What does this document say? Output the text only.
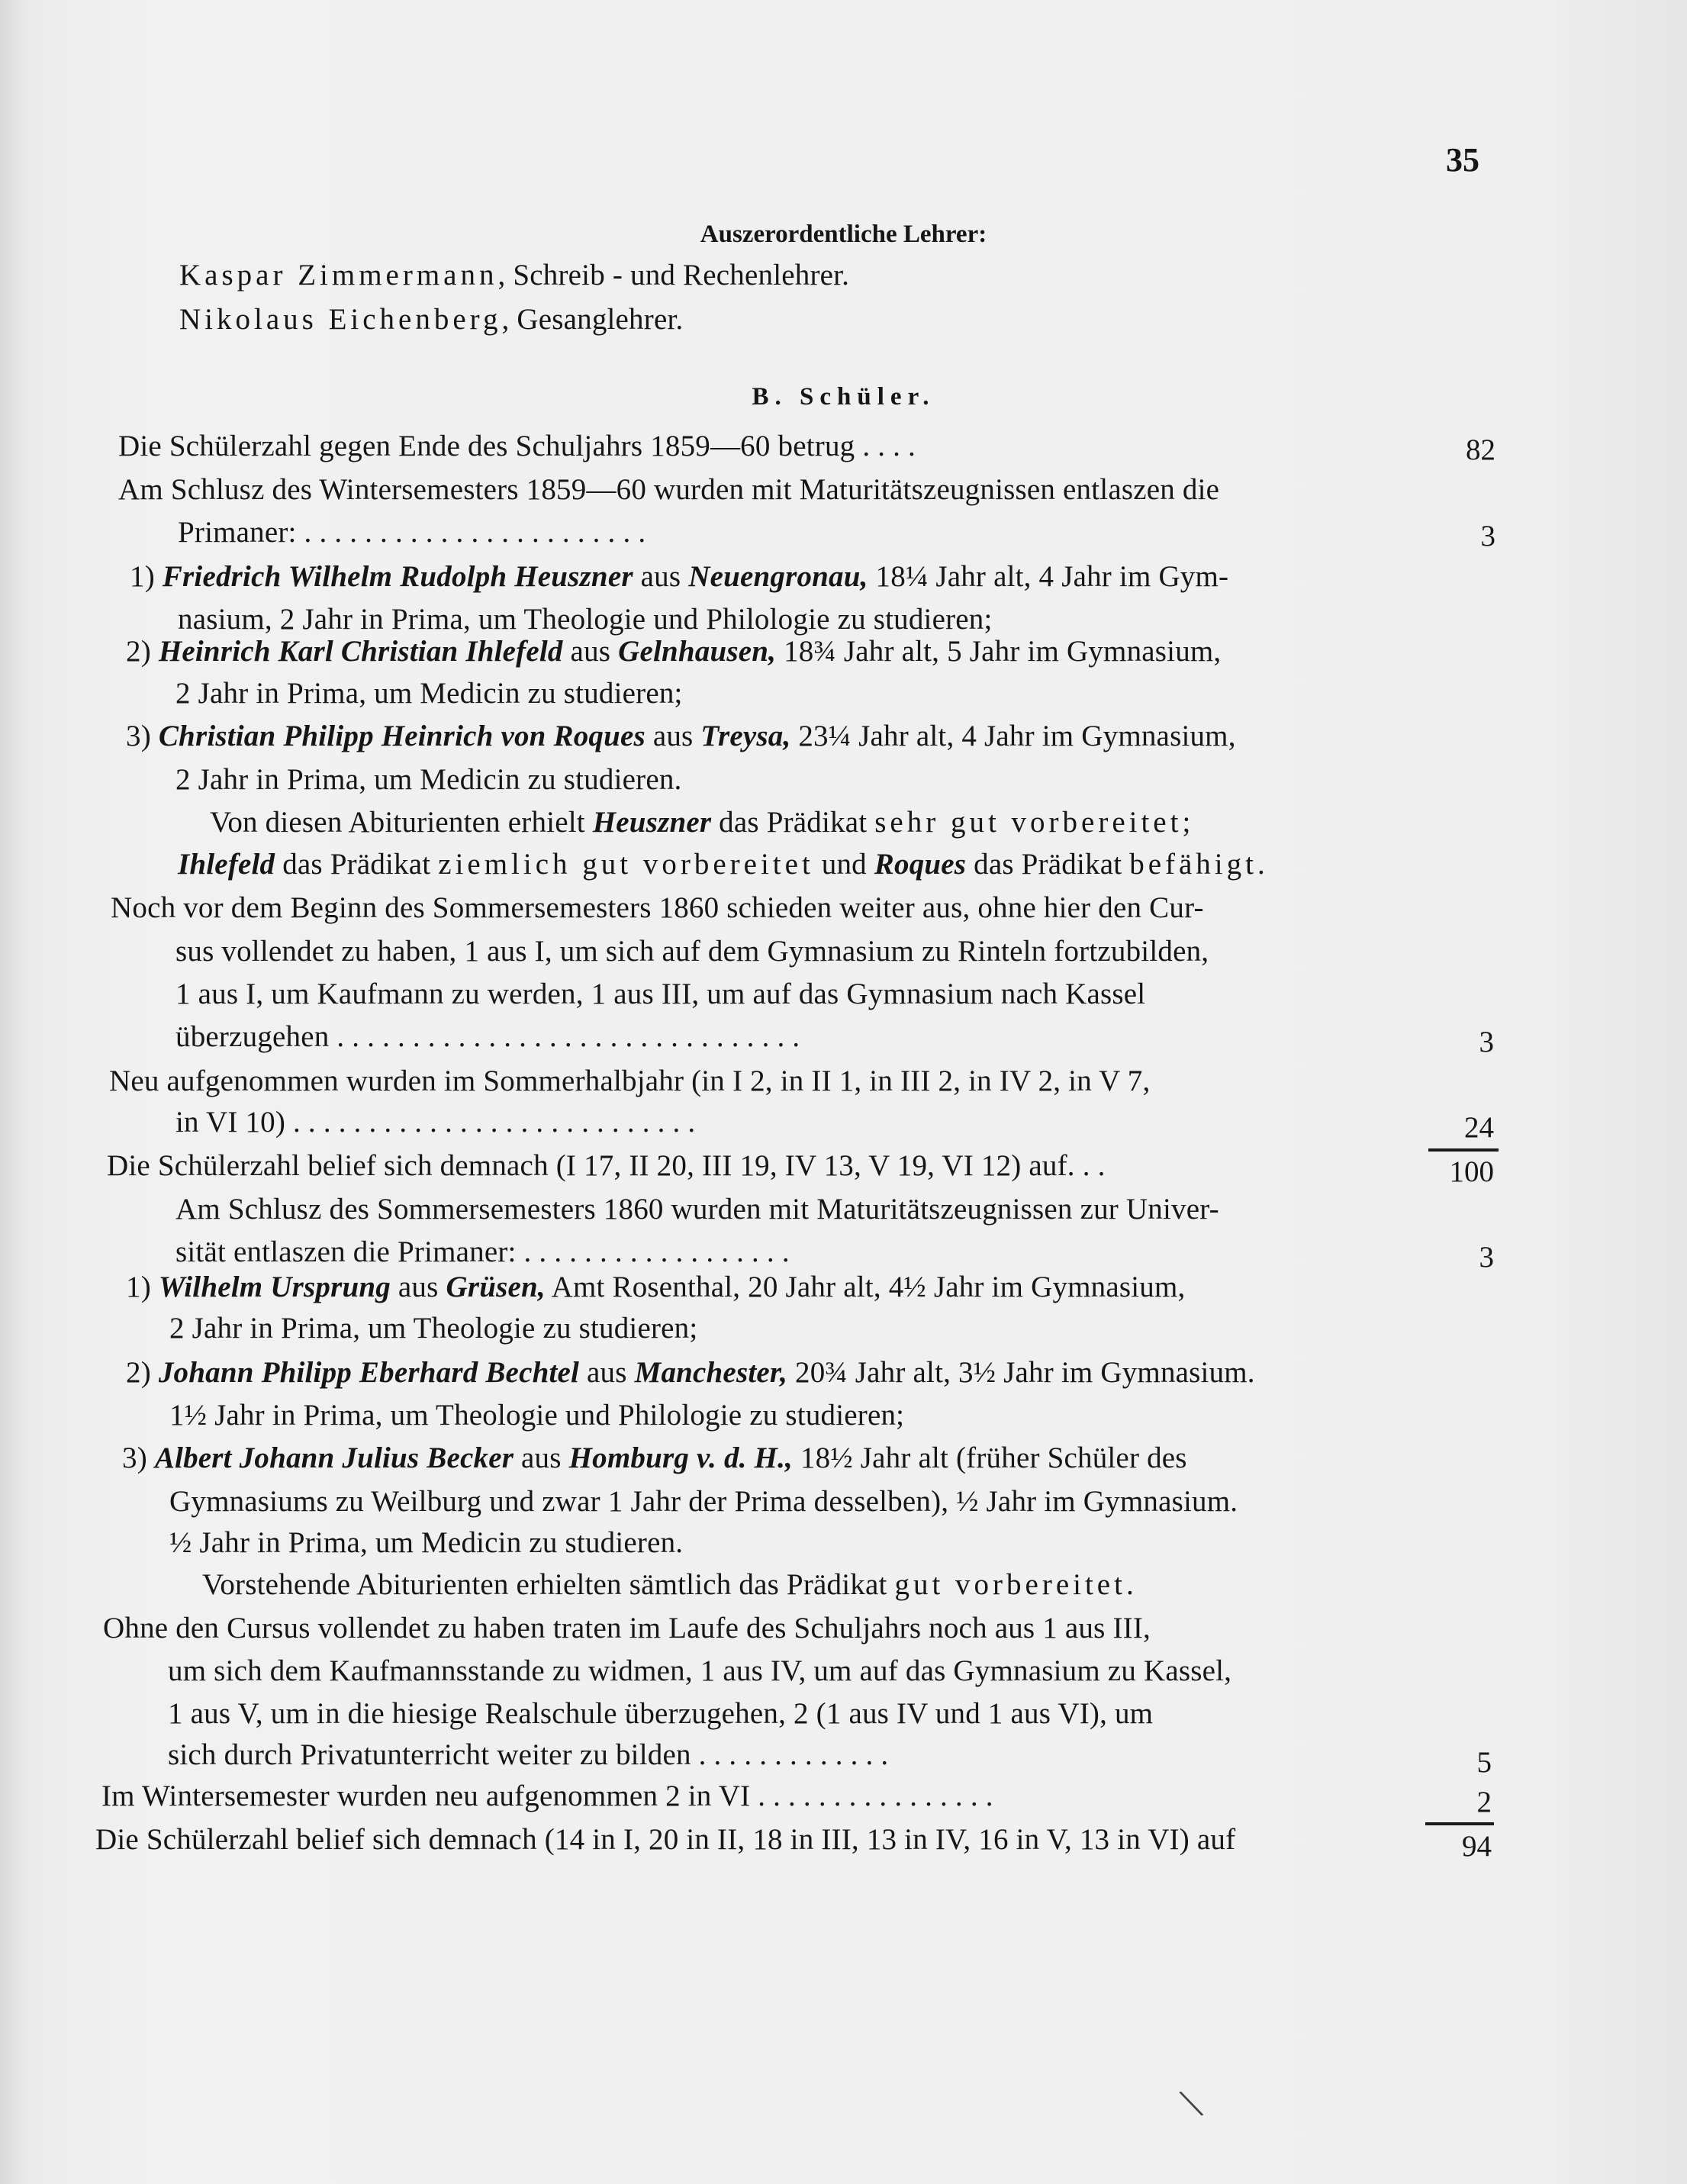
35
Auszerordentliche Lehrer:
Kaspar Zimmermann, Schreib - und Rechenlehrer.
Nikolaus Eichenberg, Gesanglehrer.
B. Schüler.
Die Schülerzahl gegen Ende des Schuljahrs 1859—60 betrug . . . .	82
Am Schlusz des Wintersemesters 1859—60 wurden mit Maturitätszeugnissen entlaszen die
Primaner: . . . . . . . . . . . . . . . . . . . . . . .	3
1) Friedrich Wilhelm Rudolph Heuszner aus Neuengronau, 18¼ Jahr alt, 4 Jahr im Gym-
nasium, 2 Jahr in Prima, um Theologie und Philologie zu studieren;
2) Heinrich Karl Christian Ihlefeld aus Gelnhausen, 18¾ Jahr alt, 5 Jahr im Gymnasium,
2 Jahr in Prima, um Medicin zu studieren;
3) Christian Philipp Heinrich von Roques aus Treysa, 23¼ Jahr alt, 4 Jahr im Gymnasium,
2 Jahr in Prima, um Medicin zu studieren.
Von diesen Abiturienten erhielt Heuszner das Prädikat sehr gut vorbereitet;
Ihlefeld das Prädikat ziemlich gut vorbereitet und Roques das Prädikat befähigt.
Noch vor dem Beginn des Sommersemesters 1860 schieden weiter aus, ohne hier den Cur-
sus vollendet zu haben, 1 aus I, um sich auf dem Gymnasium zu Rinteln fortzubilden,
1 aus I, um Kaufmann zu werden, 1 aus III, um auf das Gymnasium nach Kassel
überzugehen . . . . . . . . . . . . . . . . . . . . . . . . . . . . . . .	3
Neu aufgenommen wurden im Sommerhalbjahr (in I 2, in II 1, in III 2, in IV 2, in V 7,
in VI 10) . . . . . . . . . . . . . . . . . . . . . . . . . . .	24
Die Schülerzahl belief sich demnach (I 17, II 20, III 19, IV 13, V 19, VI 12) auf. . .	100
Am Schlusz des Sommersemesters 1860 wurden mit Maturitätszeugnissen zur Univer-
sität entlaszen die Primaner: . . . . . . . . . . . . . . . . . .	3
1) Wilhelm Ursprung aus Grüsen, Amt Rosenthal, 20 Jahr alt, 4½ Jahr im Gymnasium,
2 Jahr in Prima, um Theologie zu studieren;
2) Johann Philipp Eberhard Bechtel aus Manchester, 20¾ Jahr alt, 3½ Jahr im Gymnasium.
1½ Jahr in Prima, um Theologie und Philologie zu studieren;
3) Albert Johann Julius Becker aus Homburg v. d. H., 18½ Jahr alt (früher Schüler des
Gymnasiums zu Weilburg und zwar 1 Jahr der Prima desselben), ½ Jahr im Gymnasium.
½ Jahr in Prima, um Medicin zu studieren.
Vorstehende Abiturienten erhielten sämtlich das Prädikat gut vorbereitet.
Ohne den Cursus vollendet zu haben traten im Laufe des Schuljahrs noch aus 1 aus III,
um sich dem Kaufmannsstande zu widmen, 1 aus IV, um auf das Gymnasium zu Kassel,
1 aus V, um in die hiesige Realschule überzugehen, 2 (1 aus IV und 1 aus VI), um
sich durch Privatunterricht weiter zu bilden . . . . . . . . . . . . .	5
Im Wintersemester wurden neu aufgenommen 2 in VI . . . . . . . . . . . . . . . .	2
Die Schülerzahl belief sich demnach (14 in I, 20 in II, 18 in III, 13 in IV, 16 in V, 13 in VI) auf	94
\
